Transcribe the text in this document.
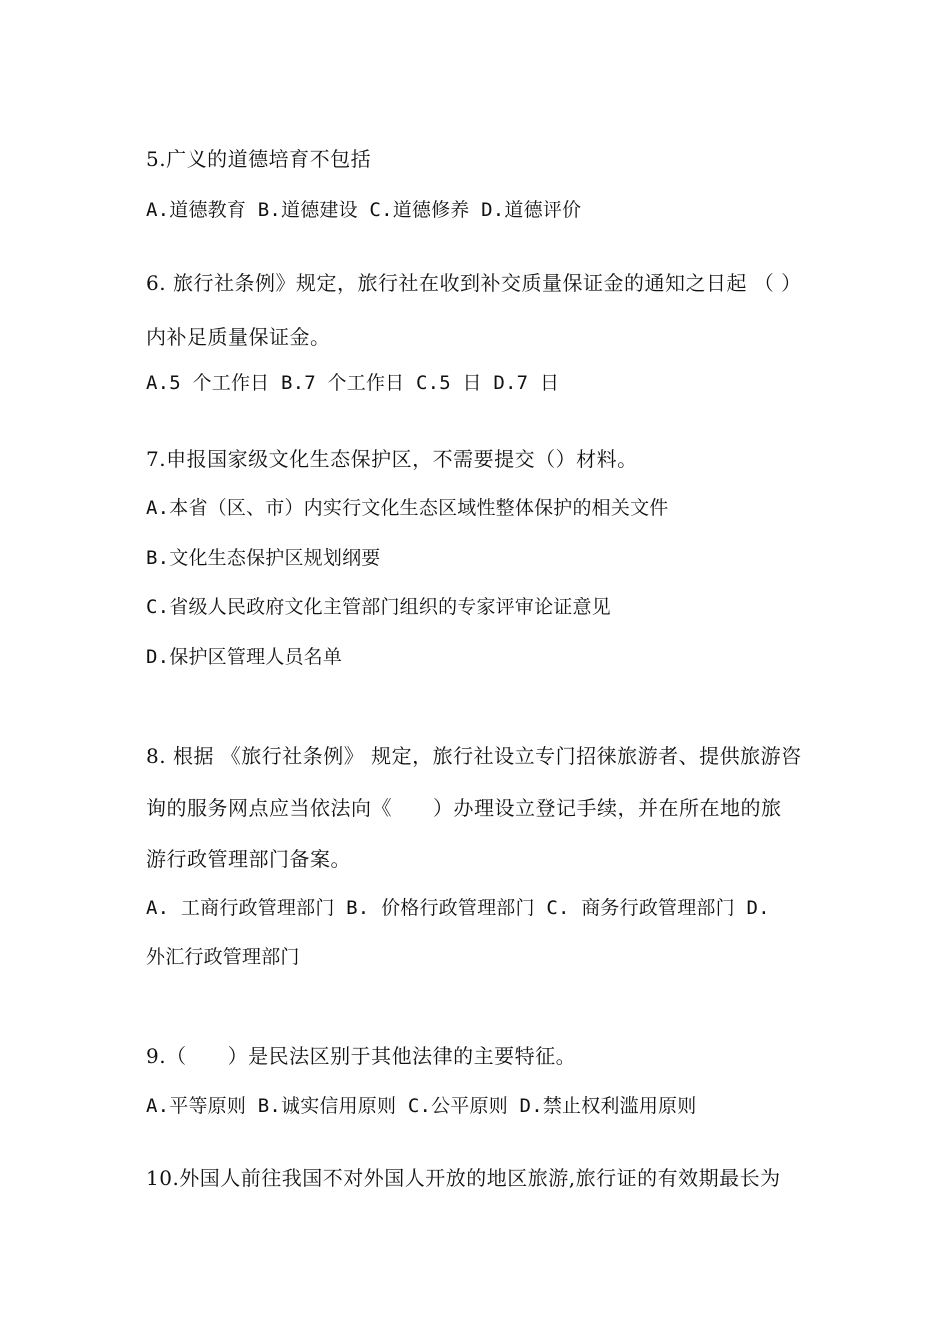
5.广义的道德培育不包括
A.道德教育 B.道德建设 C.道德修养 D.道德评价
6. 旅行社条例》规定，旅行社在收到补交质量保证金的通知之日起 （ ）
内补足质量保证金。
A.5 个工作日 B.7 个工作日 C.5 日 D.7 日
7.申报国家级文化生态保护区，不需要提交（）材料。
A.本省（区、市）内实行文化生态区域性整体保护的相关文件
B.文化生态保护区规划纲要
C.省级人民政府文化主管部门组织的专家评审论证意见
D.保护区管理人员名单
8. 根据 《旅行社条例》 规定，旅行社设立专门招徕旅游者、提供旅游咨
询的服务网点应当依法向《　　）办理设立登记手续，并在所在地的旅
游行政管理部门备案。
A. 工商行政管理部门 B. 价格行政管理部门 C. 商务行政管理部门 D.
外汇行政管理部门
9.（　　）是民法区别于其他法律的主要特征。
A.平等原则 B.诚实信用原则 C.公平原则 D.禁止权利滥用原则
10.外国人前往我国不对外国人开放的地区旅游,旅行证的有效期最长为
